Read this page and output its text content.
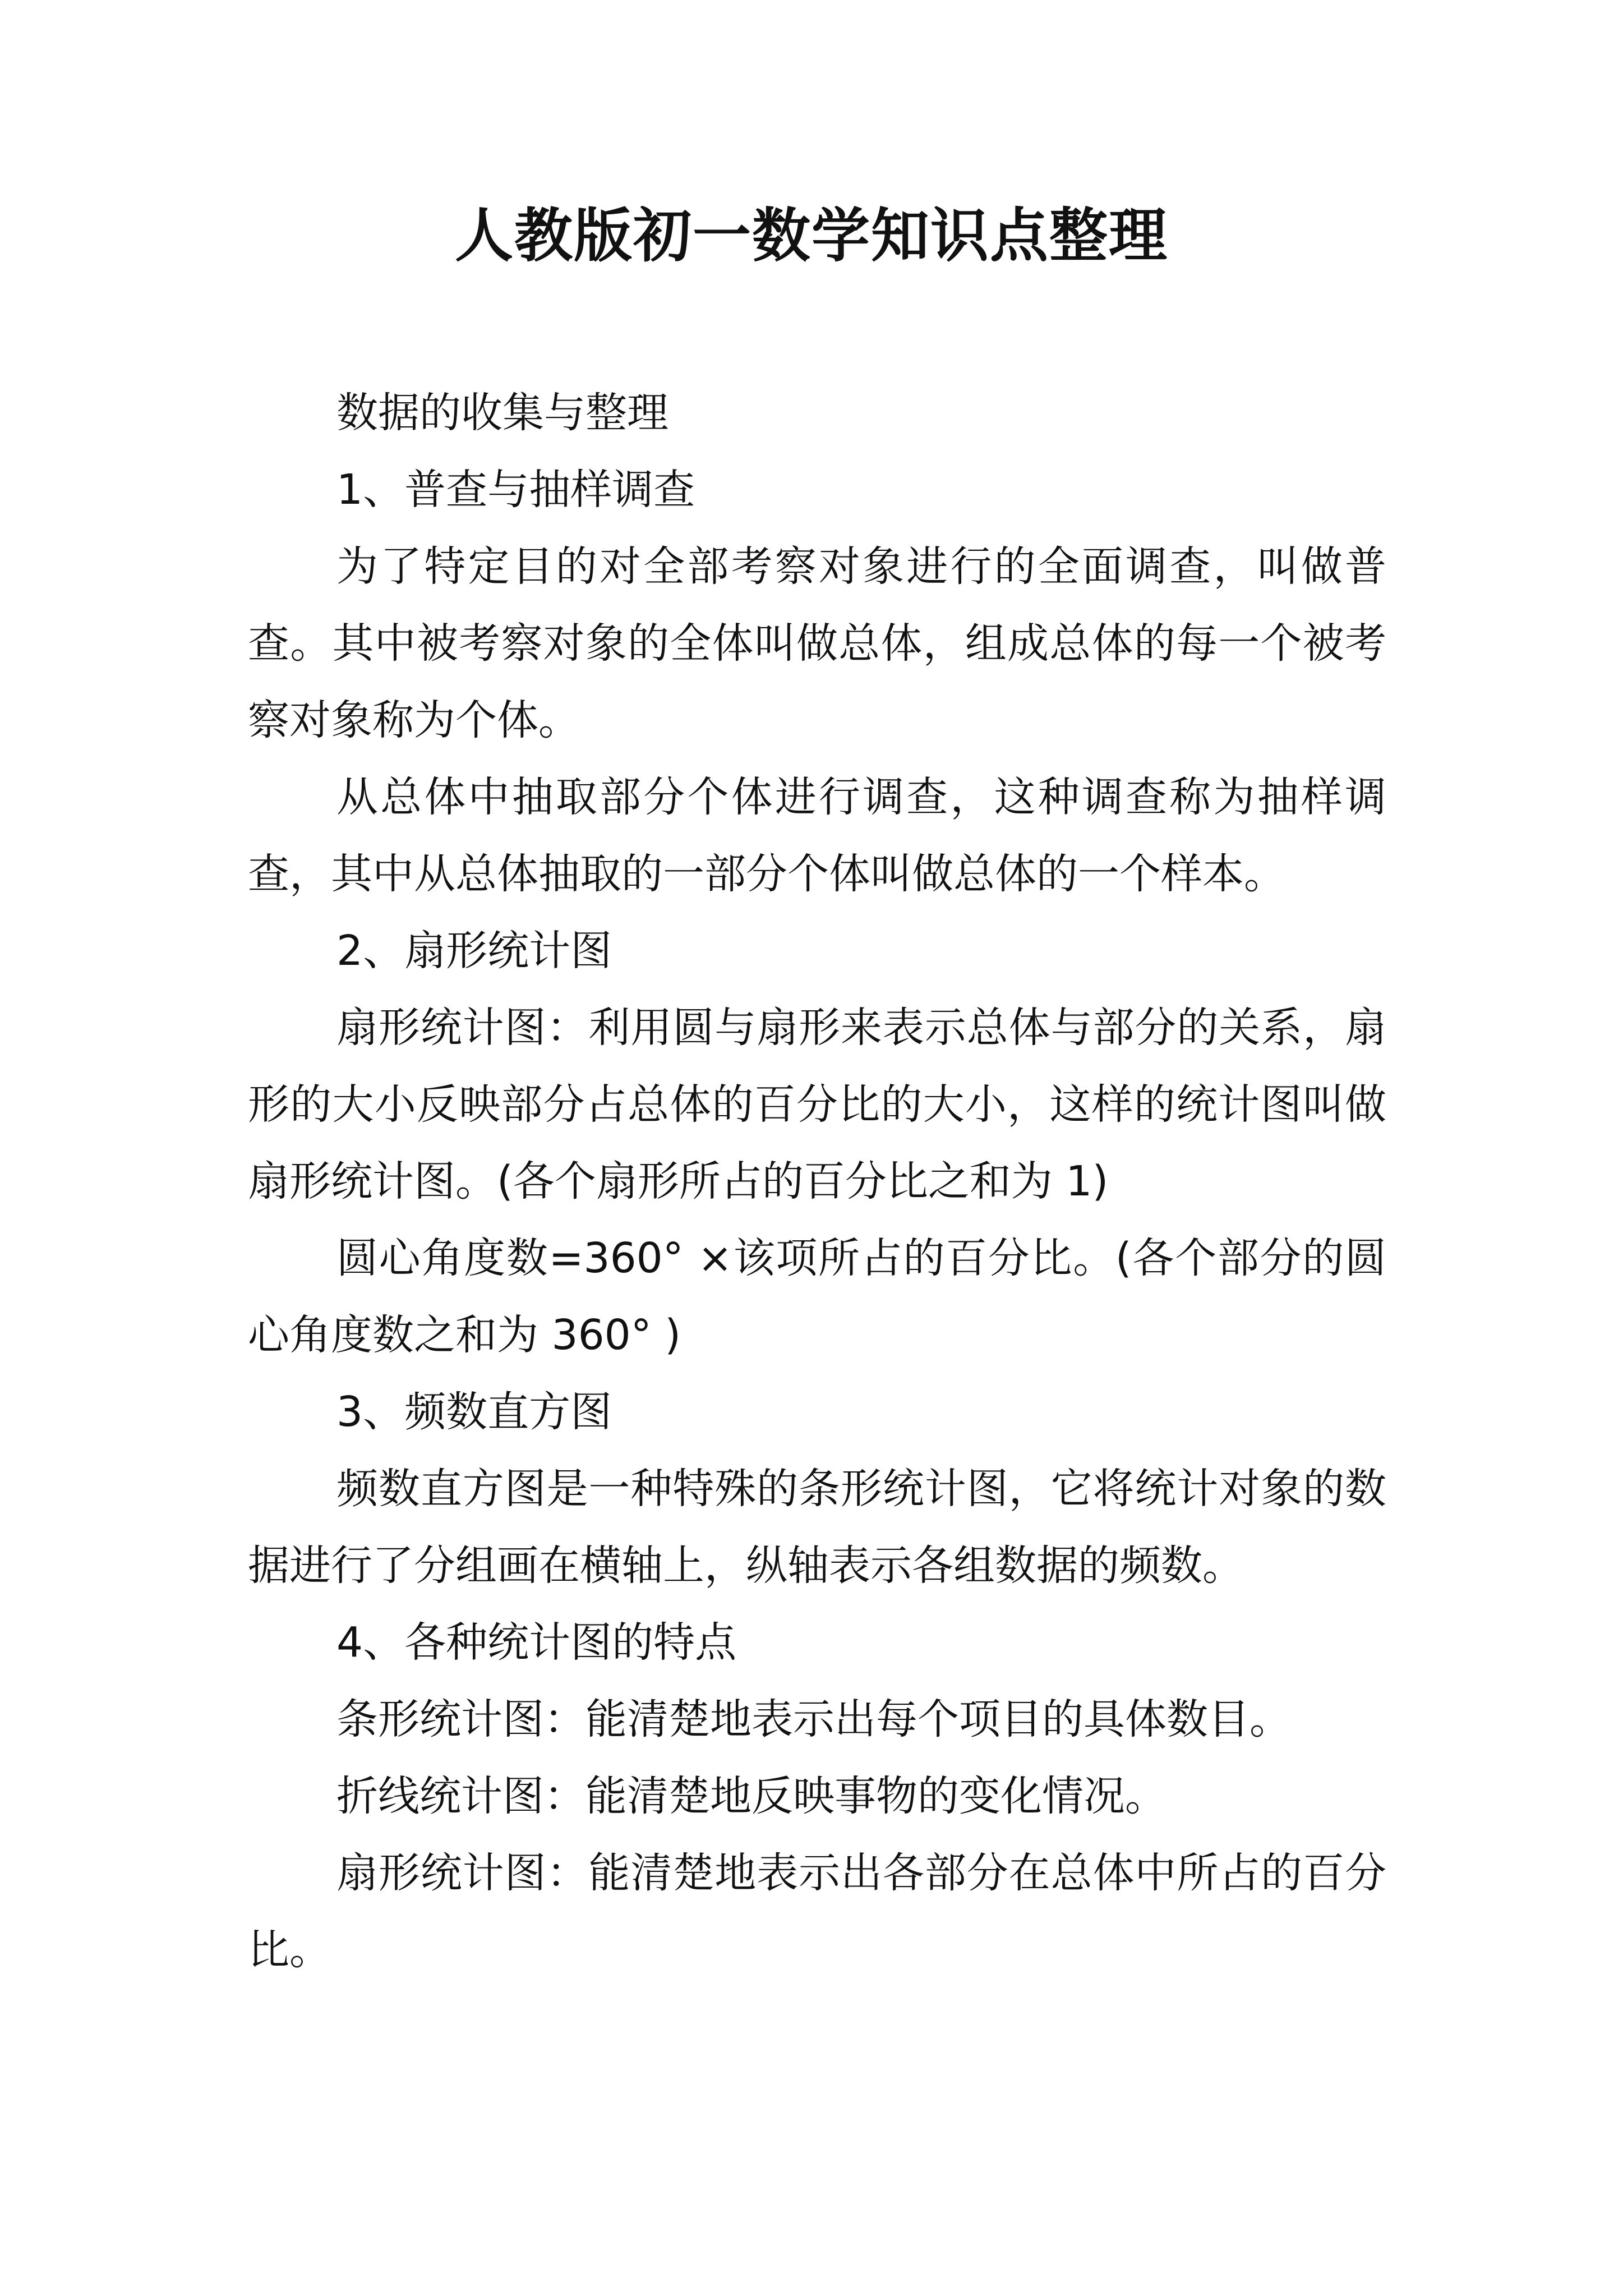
人教版初一数学知识点整理

数据的收集与整理

1、普查与抽样调查

为了特定目的对全部考察对象进行的全面调查，叫做普查。其中被考察对象的全体叫做总体，组成总体的每一个被考察对象称为个体。

从总体中抽取部分个体进行调查，这种调查称为抽样调查，其中从总体抽取的一部分个体叫做总体的一个样本。

2、扇形统计图

扇形统计图：利用圆与扇形来表示总体与部分的关系，扇形的大小反映部分占总体的百分比的大小，这样的统计图叫做扇形统计图。(各个扇形所占的百分比之和为 1)

圆心角度数=360° ×该项所占的百分比。(各个部分的圆心角度数之和为 360° )

3、频数直方图

频数直方图是一种特殊的条形统计图，它将统计对象的数据进行了分组画在横轴上，纵轴表示各组数据的频数。

4、各种统计图的特点

条形统计图：能清楚地表示出每个项目的具体数目。

折线统计图：能清楚地反映事物的变化情况。

扇形统计图：能清楚地表示出各部分在总体中所占的百分比。
